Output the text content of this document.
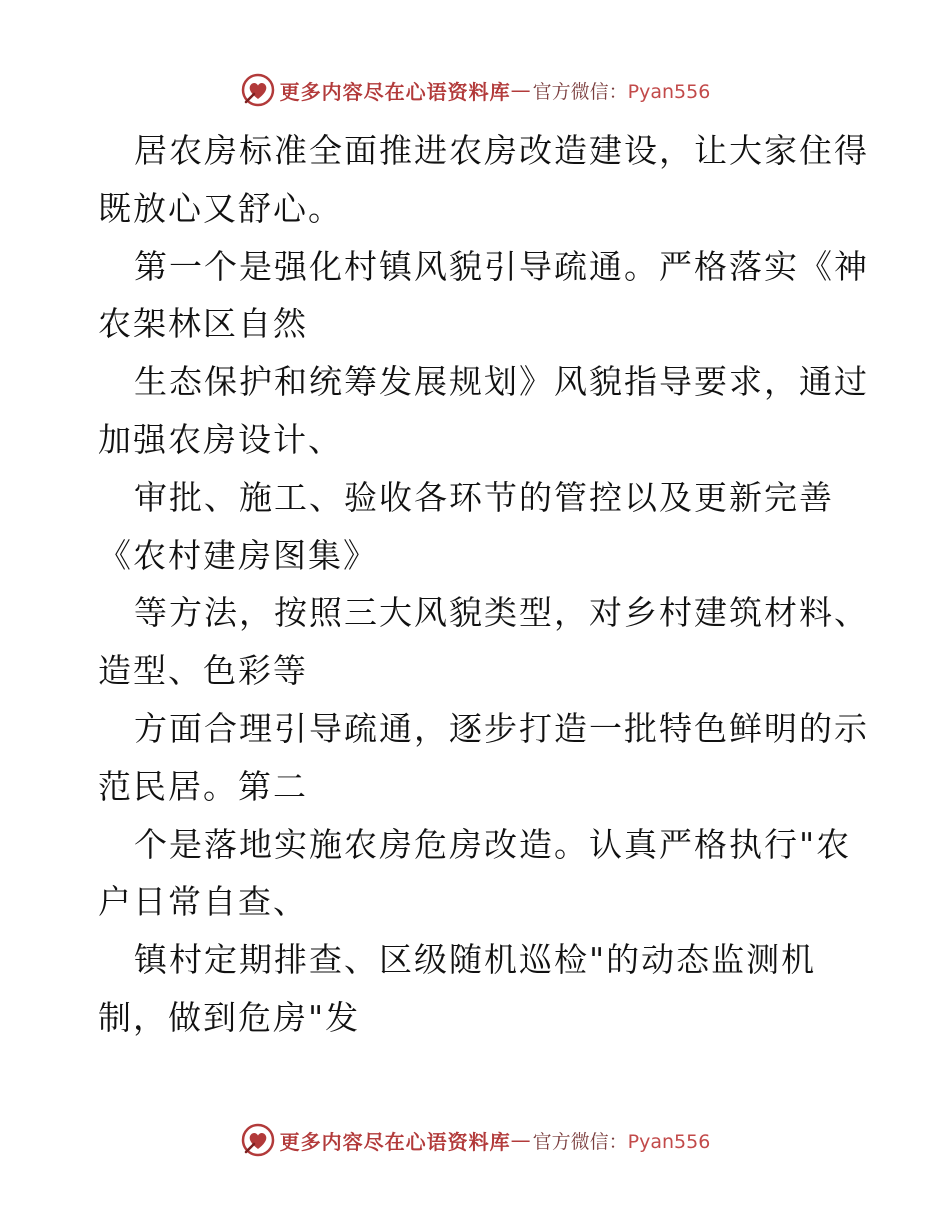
更多内容尽在心语资料库 — 官方微信：Pyan556
居农房标准全面推进农房改造建设，让大家住得
既放心又舒心。
第一个是强化村镇风貌引导疏通。严格落实《神
农架林区自然
生态保护和统筹发展规划》风貌指导要求，通过
加强农房设计、
审批、施工、验收各环节的管控以及更新完善
《农村建房图集》
等方法，按照三大风貌类型，对乡村建筑材料、
造型、色彩等
方面合理引导疏通，逐步打造一批特色鲜明的示
范民居。第二
个是落地实施农房危房改造。认真严格执行"农
户日常自查、
镇村定期排查、区级随机巡检"的动态监测机
制，做到危房"发
更多内容尽在心语资料库 — 官方微信：Pyan556
